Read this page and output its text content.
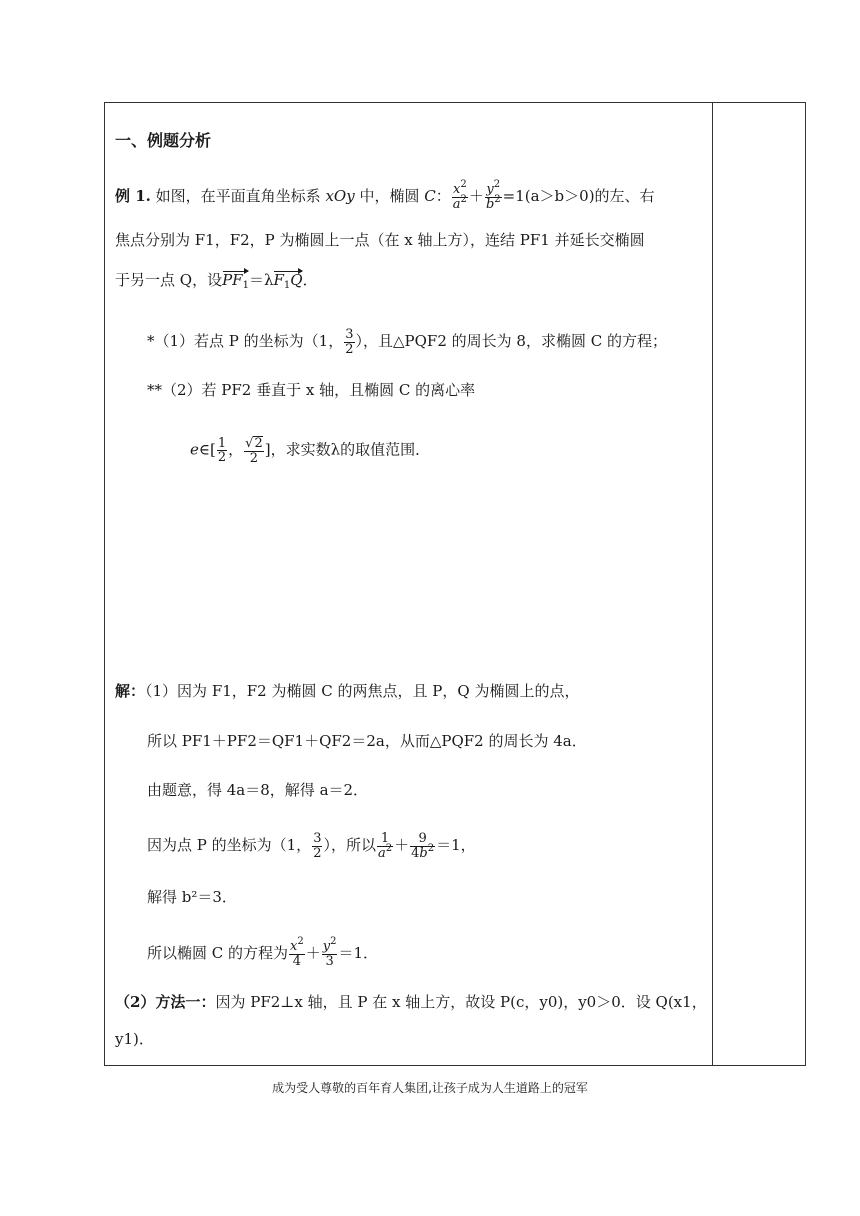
一、例题分析
例 1. 如图，在平面直角坐标系 xOy 中，椭圆 C： $\frac{x^2}{a^2} + \frac{y^2}{b^2} =1(a>b>0)$的左、右
焦点分别为 F1，F2，P 为椭圆上一点（在 x 轴上方），连结 PF1 并延长交椭圆
于另一点 Q，设$PF_1=\lambda F_1Q$．
*（1）若点 P 的坐标为（1， $\frac{3}{2}$ ），且△PQF2 的周长为 8，求椭圆 C 的方程；
**（2）若 PF2 垂直于 x 轴，且椭圆 C 的离心率
e∈[ $\frac{1}{2}$ ， $\frac{√2}{2}$ ]，求实数λ的取值范围．
解：（1）因为 F1，F2 为椭圆 C 的两焦点，且 P，Q 为椭圆上的点，
所以 PF1＋PF2＝QF1＋QF2＝2a，从而△PQF2 的周长为 4a．
由题意，得 4a＝8，解得 a＝2．
因为点 P 的坐标为（1， $\frac{3}{2}$ ），所以 $\frac{1}{a^2} + \frac{9}{4b^2} =1$，
解得 b²＝3．
所以椭圆 C 的方程为 $\frac{x^2}{4} + \frac{y^2}{3} =1$．
（2）方法一：因为 PF2⊥x 轴，且 P 在 x 轴上方，故设 P(c，y0)，y0＞0．设 Q(x1，
y1)．
成为受人尊敬的百年育人集团,让孩子成为人生道路上的冠军
